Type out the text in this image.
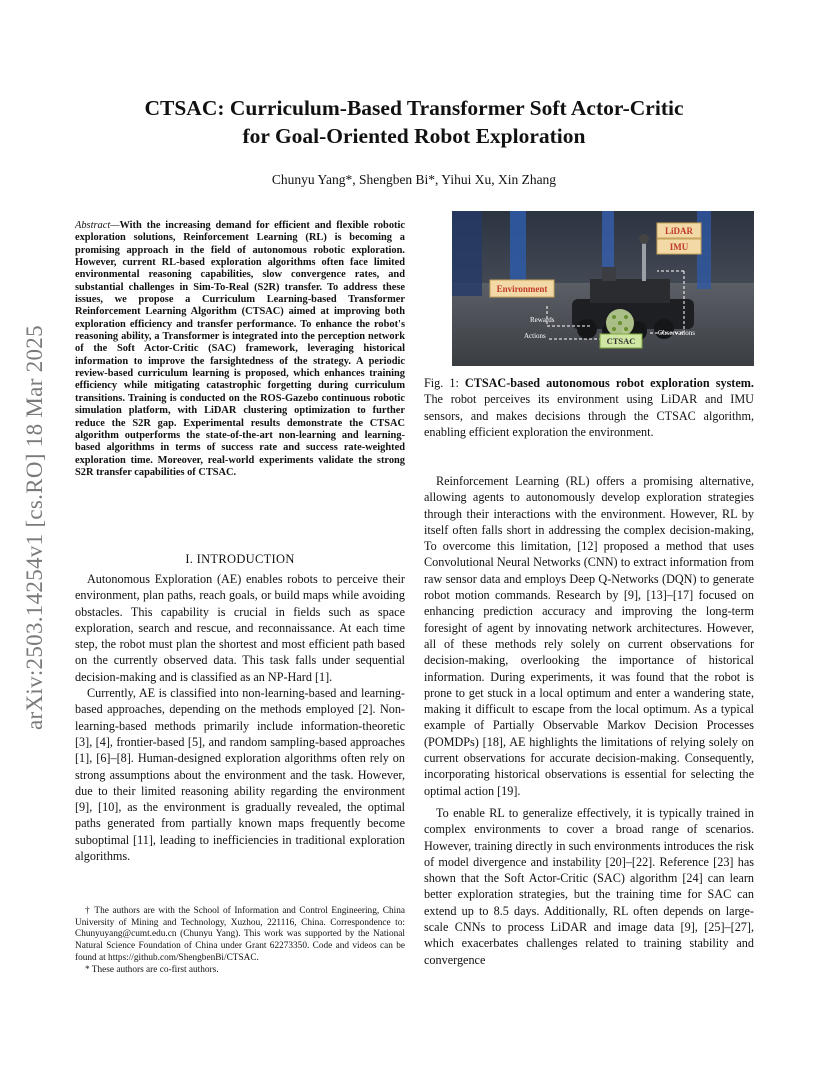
arXiv:2503.14254v1 [cs.RO] 18 Mar 2025
CTSAC: Curriculum-Based Transformer Soft Actor-Critic
for Goal-Oriented Robot Exploration
Chunyu Yang*, Shengben Bi*, Yihui Xu, Xin Zhang
Abstract—With the increasing demand for efficient and flexible robotic exploration solutions, Reinforcement Learning (RL) is becoming a promising approach in the field of autonomous robotic exploration. However, current RL-based exploration algorithms often face limited environmental reasoning capabilities, slow convergence rates, and substantial challenges in Sim-To-Real (S2R) transfer. To address these issues, we propose a Curriculum Learning-based Transformer Reinforcement Learning Algorithm (CTSAC) aimed at improving both exploration efficiency and transfer performance. To enhance the robot's reasoning ability, a Transformer is integrated into the perception network of the Soft Actor-Critic (SAC) framework, leveraging historical information to improve the farsightedness of the strategy. A periodic review-based curriculum learning is proposed, which enhances training efficiency while mitigating catastrophic forgetting during curriculum transitions. Training is conducted on the ROS-Gazebo continuous robotic simulation platform, with LiDAR clustering optimization to further reduce the S2R gap. Experimental results demonstrate the CTSAC algorithm outperforms the state-of-the-art non-learning and learning-based algorithms in terms of success rate and success rate-weighted exploration time. Moreover, real-world experiments validate the strong S2R transfer capabilities of CTSAC.
I. INTRODUCTION

Autonomous Exploration (AE) enables robots to perceive their environment, plan paths, reach goals, or build maps while avoiding obstacles. This capability is crucial in fields such as space exploration, search and rescue, and reconnaissance. At each time step, the robot must plan the shortest and most efficient path based on the currently observed data. This task falls under sequential decision-making and is classified as an NP-Hard [1].

Currently, AE is classified into non-learning-based and learning-based approaches, depending on the methods employed [2]. Non-learning-based methods primarily include information-theoretic [3], [4], frontier-based [5], and random sampling-based approaches [1], [6]–[8]. Human-designed exploration algorithms often rely on strong assumptions about the environment and the task. However, due to their limited reasoning ability regarding the environment [9], [10], as the environment is gradually revealed, the optimal paths generated from partially known maps frequently become suboptimal [11], leading to inefficiencies in traditional exploration algorithms.

† The authors are with the School of Information and Control Engineering, China University of Mining and Technology, Xuzhou, 221116, China. Correspondence to: Chunyuyang@cumt.edu.cn (Chunyu Yang). This work was supported by the National Natural Science Foundation of China under Grant 62273350. Code and videos can be found at https://github.com/ShengbenBi/CTSAC.

* These authors are co-first authors.

LiDAR
IMU
Environment
Rewards
Actions	Observations
CTSAC
Fig. 1: CTSAC-based autonomous robot exploration system. The robot perceives its environment using LiDAR and IMU sensors, and makes decisions through the CTSAC algorithm, enabling efficient exploration the environment.

Reinforcement Learning (RL) offers a promising alternative, allowing agents to autonomously develop exploration strategies through their interactions with the environment. However, RL by itself often falls short in addressing the complex decision-making, To overcome this limitation, [12] proposed a method that uses Convolutional Neural Networks (CNN) to extract information from raw sensor data and employs Deep Q-Networks (DQN) to generate robot motion commands. Research by [9], [13]–[17] focused on enhancing prediction accuracy and improving the long-term foresight of agent by innovating network architectures. However, all of these methods rely solely on current observations for decision-making, overlooking the importance of historical information. During experiments, it was found that the robot is prone to get stuck in a local optimum and enter a wandering state, making it difficult to escape from the local optimum. As a typical example of Partially Observable Markov Decision Processes (POMDPs) [18], AE highlights the limitations of relying solely on current observations for accurate decision-making. Consequently, incorporating historical observations is essential for selecting the optimal action [19].

To enable RL to generalize effectively, it is typically trained in complex environments to cover a broad range of scenarios. However, training directly in such environments introduces the risk of model divergence and instability [20]–[22]. Reference [23] has shown that the Soft Actor-Critic (SAC) algorithm [24] can learn better exploration strategies, but the training time for SAC can extend up to 8.5 days. Additionally, RL often depends on large-scale CNNs to process LiDAR and image data [9], [25]–[27], which exacerbates challenges related to training stability and convergence
